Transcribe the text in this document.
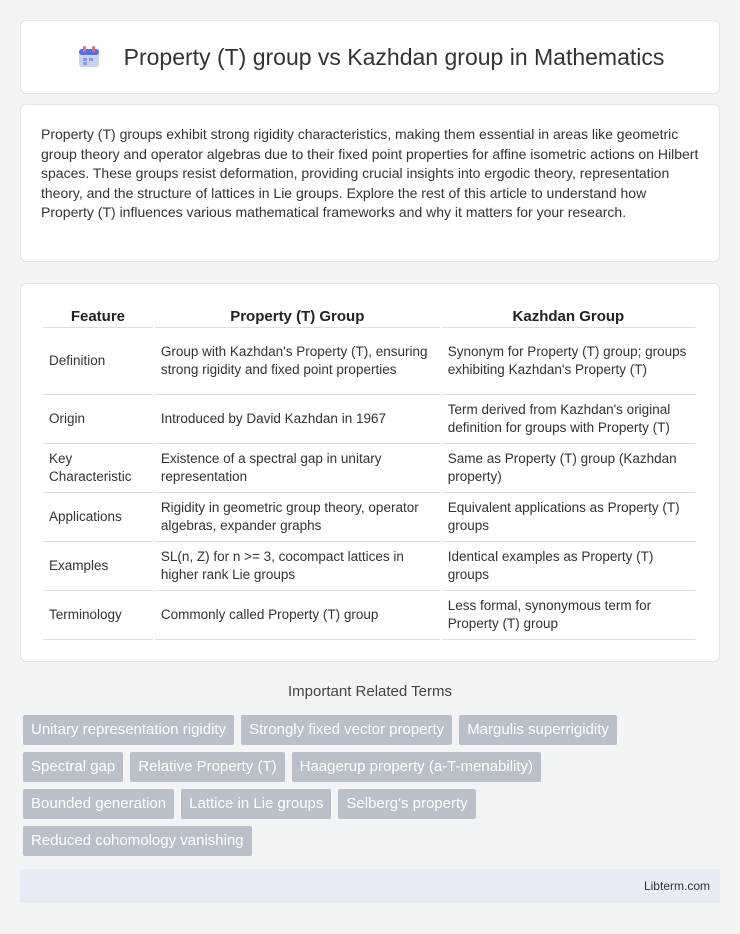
Property (T) group vs Kazhdan group in Mathematics

Property (T) groups exhibit strong rigidity characteristics, making them essential in areas like geometric group theory and operator algebras due to their fixed point properties for affine isometric actions on Hilbert spaces. These groups resist deformation, providing crucial insights into ergodic theory, representation theory, and the structure of lattices in Lie groups. Explore the rest of this article to understand how Property (T) influences various mathematical frameworks and why it matters for your research.

Feature	Property (T) Group	Kazhdan Group
Definition	Group with Kazhdan's Property (T), ensuring strong rigidity and fixed point properties	Synonym for Property (T) group; groups exhibiting Kazhdan's Property (T)
Origin	Introduced by David Kazhdan in 1967	Term derived from Kazhdan's original definition for groups with Property (T)
Key Characteristic	Existence of a spectral gap in unitary representation	Same as Property (T) group (Kazhdan property)
Applications	Rigidity in geometric group theory, operator algebras, expander graphs	Equivalent applications as Property (T) groups
Examples	SL(n, Z) for n >= 3, cocompact lattices in higher rank Lie groups	Identical examples as Property (T) groups
Terminology	Commonly called Property (T) group	Less formal, synonymous term for Property (T) group
Important Related Terms
Unitary representation rigidity	Strongly fixed vector property	Margulis superrigidity
Spectral gap	Relative Property (T)	Haagerup property (a-T-menability)
Bounded generation	Lattice in Lie groups	Selberg's property
Reduced cohomology vanishing
Libterm.com
